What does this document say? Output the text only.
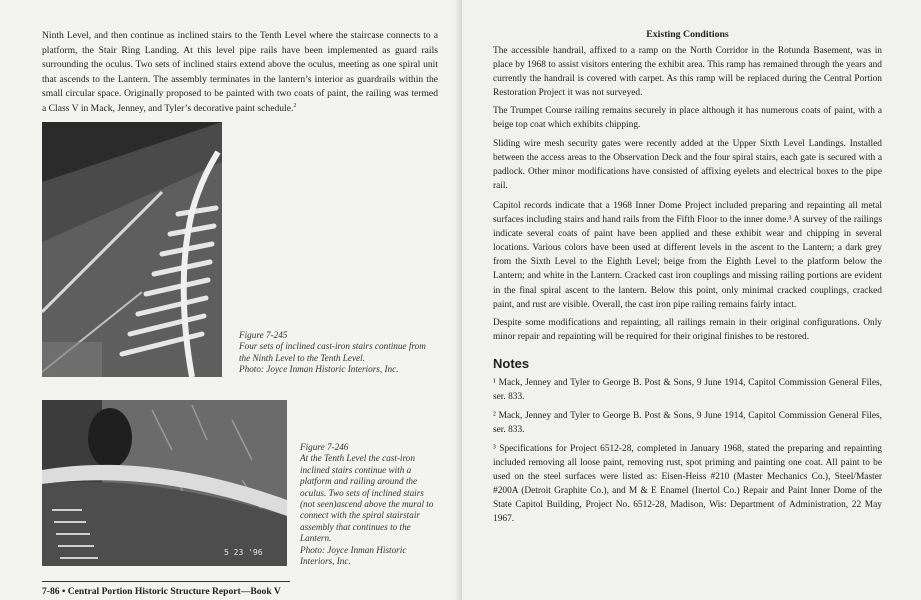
Ninth Level, and then continue as inclined stairs to the Tenth Level where the staircase connects to a platform, the Stair Ring Landing. At this level pipe rails have been implemented as guard rails surrounding the oculus. Two sets of inclined stairs extend above the oculus, meeting as one spiral unit that ascends to the Lantern. The assembly terminates in the lantern’s interior as guardrails within the small circular space. Originally proposed to be painted with two coats of paint, the railing was termed a Class V in Mack, Jenney, and Tyler’s decorative paint schedule.$^2$

Figure 7-245
Four sets of inclined cast-iron stairs continue from the Ninth Level to the Tenth Level.
Photo: Joyce Inman Historic Interiors, Inc.
5 23 '96
Figure 7-246
At the Tenth Level the cast-iron inclined stairs continue with a platform and railing around the oculus. Two sets of inclined stairs (not seen)ascend above the mural to connect with the spiral stairstair assembly that continues to the Lantern.
Photo: Joyce Inman Historic Interiors, Inc.
7-86 • Central Portion Historic Structure Report—Book V

Existing Conditions

The accessible handrail, affixed to a ramp on the North Corridor in the Rotunda Basement, was in place by 1968 to assist visitors entering the exhibit area. This ramp has remained through the years and currently the handrail is covered with carpet. As this ramp will be replaced during the Central Portion Restoration Project it was not surveyed.

The Trumpet Course railing remains securely in place although it has numerous coats of paint, with a beige top coat which exhibits chipping.

Sliding wire mesh security gates were recently added at the Upper Sixth Level Landings. Installed between the access areas to the Observation Deck and the four spiral stairs, each gate is secured with a padlock. Other minor modifications have consisted of affixing eyelets and electrical boxes to the pipe rail.

Capitol records indicate that a 1968 Inner Dome Project included preparing and repainting all metal surfaces including stairs and hand rails from the Fifth Floor to the inner dome.³ A survey of the railings indicate several coats of paint have been applied and these exhibit wear and chipping in several locations. Various colors have been used at different levels in the ascent to the Lantern; a dark grey from the Sixth Level to the Eighth Level; beige from the Eighth Level to the platform below the Lantern; and white in the Lantern. Cracked cast iron couplings and missing railing portions are evident in the final spiral ascent to the lantern. Below this point, only minimal cracked couplings, cracked paint, and rust are visible. Overall, the cast iron pipe railing remains fairly intact.

Despite some modifications and repainting, all railings remain in their original configurations. Only minor repair and repainting will be required for their original finishes to be restored.

Notes

¹ Mack, Jenney and Tyler to George B. Post & Sons, 9 June 1914, Capitol Commission General Files, ser. 833.

² Mack, Jenney and Tyler to George B. Post & Sons, 9 June 1914, Capitol Commission General Files, ser. 833.

³ Specifications for Project 6512-28, completed in January 1968, stated the preparing and repainting included removing all loose paint, removing rust, spot priming and painting one coat. All paint to be used on the steel surfaces were listed as: Eisen-Heiss #210 (Master Mechanics Co.), Steel/Master #200A (Detroit Graphite Co.), and M & E Enamel (Inertol Co.) Repair and Paint Inner Dome of the State Capitol Building, Project No. 6512-28, Madison, Wis: Department of Administration, 22 May 1967.
